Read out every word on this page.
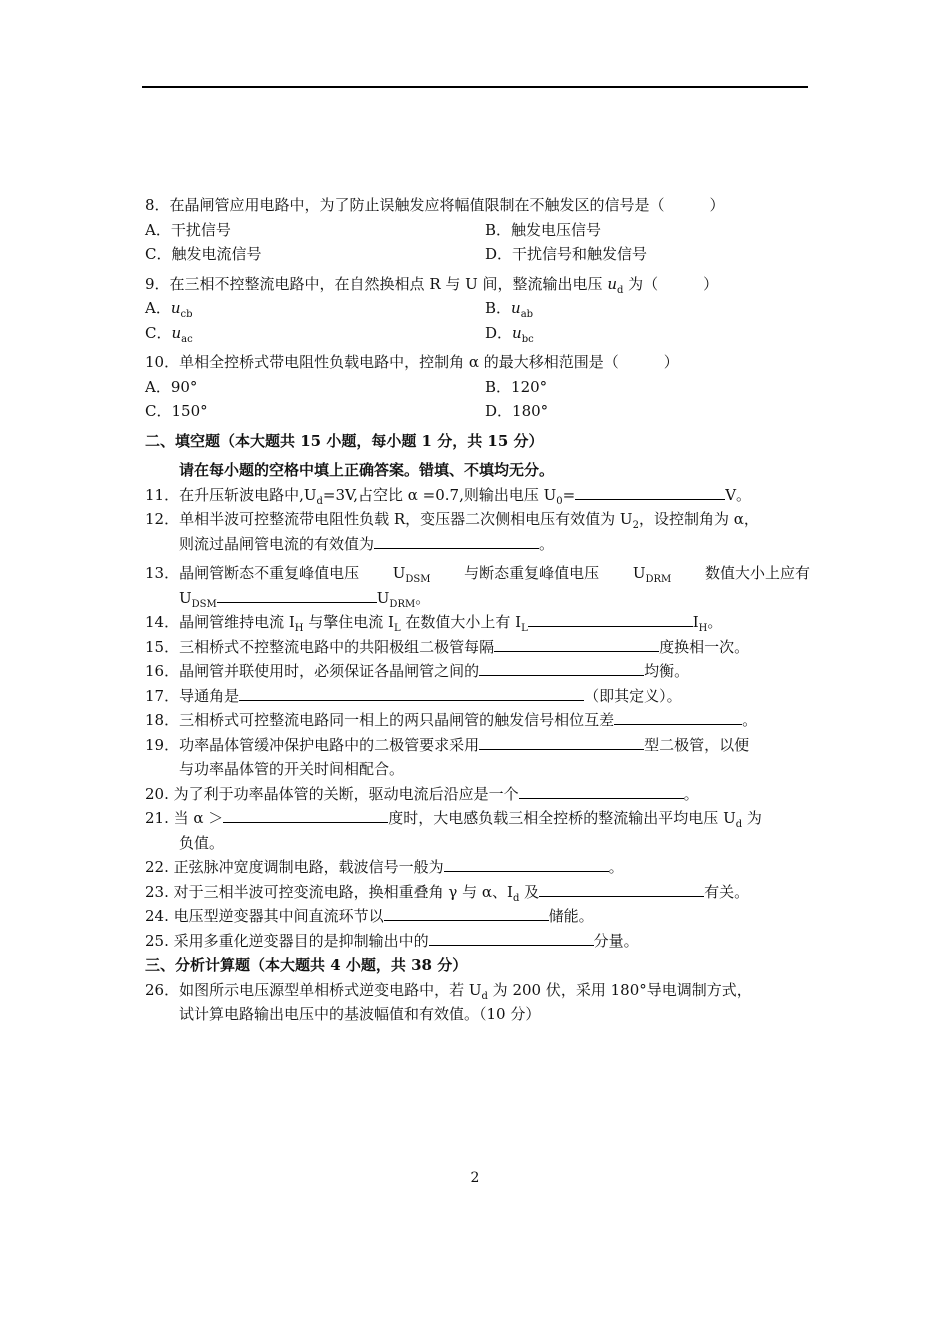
8．在晶闸管应用电路中，为了防止误触发应将幅值限制在不触发区的信号是（　　　）
A．干扰信号	B．触发电压信号
C．触发电流信号	D．干扰信号和触发信号
9．在三相不控整流电路中，在自然换相点 R 与 U 间，整流输出电压 $u_d$ 为（　　　）
A．$u_{cb}$	B．$u_{ab}$
C．$u_{ac}$	D．$u_{bc}$
10．单相全控桥式带电阻性负载电路中，控制角 α 的最大移相范围是（　　　）
A．90°	B．120°
C．150°	D．180°
二、填空题（本大题共 15 小题，每小题 1 分，共 15 分）
请在每小题的空格中填上正确答案。错填、不填均无分。
11．在升压斩波电路中$,U_d=3V$,占空比 α =0.7,则输出电压 $U_0=$	V。
12．单相半波可控整流带电阻性负载 R，变压器二次侧相电压有效值为 $U_2$，设控制角为 α，
则流过晶闸管电流的有效值为	。
13．晶闸管断态不重复峰值电压 $U_{DSM}$ 与断态重复峰值电压 $U_{DRM}$ 数值大小上应有
$U_{DSM}$	$U_{DRM}$。
14．晶闸管维持电流 $I_H$ 与擎住电流 $I_L$ 在数值大小上有 $I_L$	$I_H$。
15．三相桥式不控整流电路中的共阳极组二极管每隔	度换相一次。
16．晶闸管并联使用时，必须保证各晶闸管之间的	均衡。
17．导通角是	（即其定义）。
18．三相桥式可控整流电路同一相上的两只晶闸管的触发信号相位互差	。
19．功率晶体管缓冲保护电路中的二极管要求采用	型二极管，以便
与功率晶体管的开关时间相配合。
20. 为了利于功率晶体管的关断，驱动电流后沿应是一个	。
21. 当 α ＞	度时，大电感负载三相全控桥的整流输出平均电压 $U_d$ 为
负值。
22. 正弦脉冲宽度调制电路，载波信号一般为	。
23. 对于三相半波可控变流电路，换相重叠角 γ 与 α、$I_d$ 及	有关。
24. 电压型逆变器其中间直流环节以	储能。
25. 采用多重化逆变器目的是抑制输出中的	分量。
三、分析计算题（本大题共 4 小题，共 38 分）
26．如图所示电压源型单相桥式逆变电路中，若 $U_d$ 为 200 伏，采用 180°导电调制方式，
试计算电路输出电压中的基波幅值和有效值。（10 分）
2
